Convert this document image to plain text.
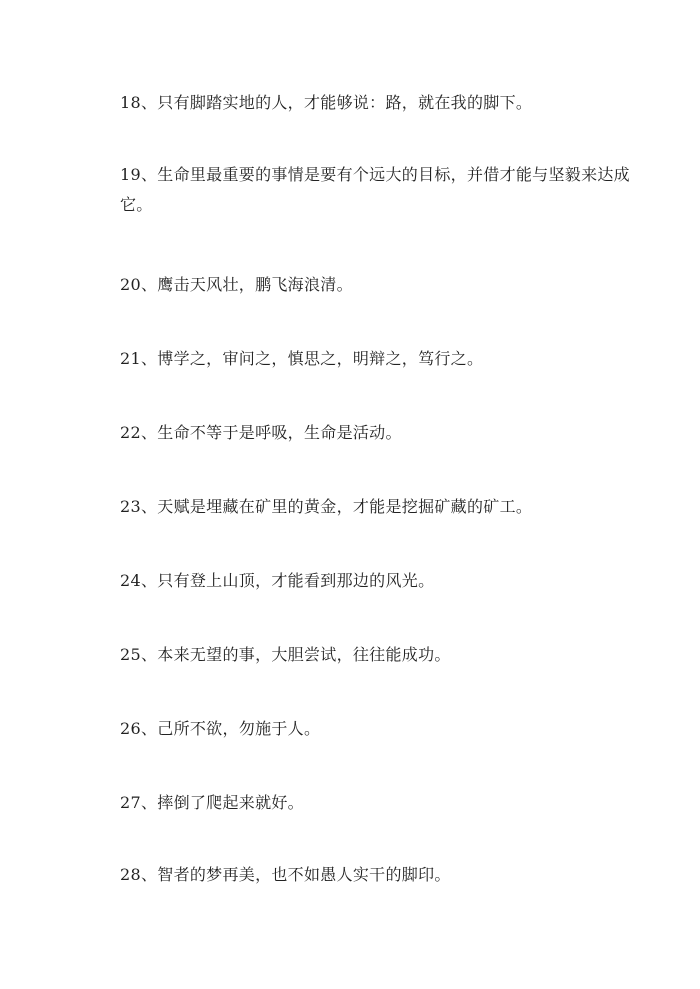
18、只有脚踏实地的人，才能够说：路，就在我的脚下。
19、生命里最重要的事情是要有个远大的目标，并借才能与坚毅来达成它。
20、鹰击天风壮，鹏飞海浪清。
21、博学之，审问之，慎思之，明辩之，笃行之。
22、生命不等于是呼吸，生命是活动。
23、天赋是埋藏在矿里的黄金，才能是挖掘矿藏的矿工。
24、只有登上山顶，才能看到那边的风光。
25、本来无望的事，大胆尝试，往往能成功。
26、己所不欲，勿施于人。
27、摔倒了爬起来就好。
28、智者的梦再美，也不如愚人实干的脚印。
